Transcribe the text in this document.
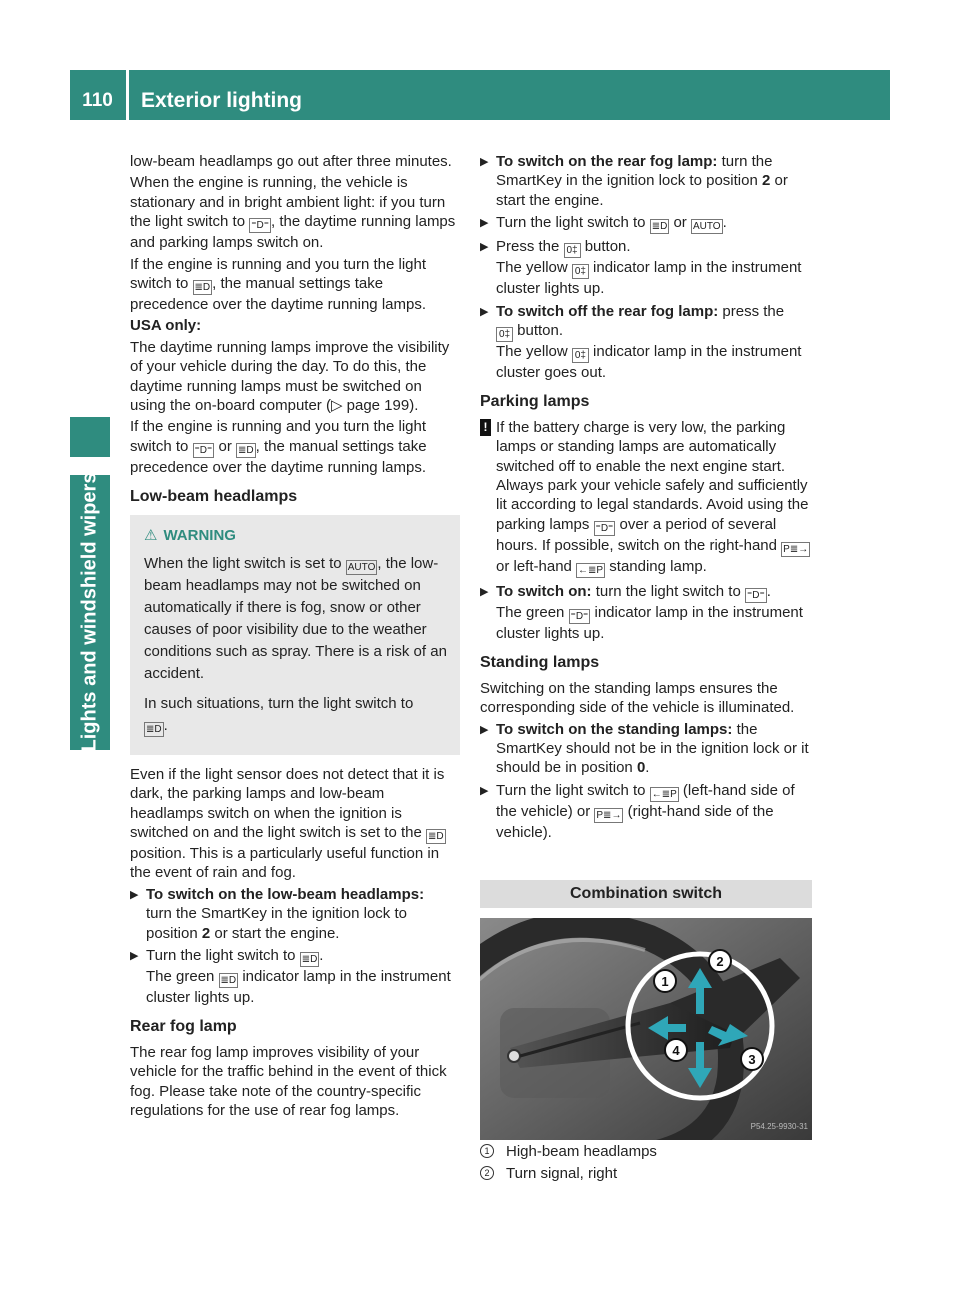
110	Exterior lighting
Lights and windshield wipers

low-beam headlamps go out after three minutes.

When the engine is running, the vehicle is stationary and in bright ambient light: if you turn the light switch to ⁼D⁼ , the daytime running lamps and parking lamps switch on.

If the engine is running and you turn the light switch to ≣D , the manual settings take precedence over the daytime running lamps.

USA only:

The daytime running lamps improve the visibility of your vehicle during the day. To do this, the daytime running lamps must be switched on using the on-board computer (▷ page 199).

If the engine is running and you turn the light switch to ⁼D⁼ or ≣D , the manual settings take precedence over the daytime running lamps.

Low-beam headlamps
⚠ WARNING

When the light switch is set to AUTO , the low-beam headlamps may not be switched on automatically if there is fog, snow or other causes of poor visibility due to the weather conditions such as spray. There is a risk of an accident.

In such situations, turn the light switch to
≣D .

Even if the light sensor does not detect that it is dark, the parking lamps and low-beam headlamps switch on when the ignition is switched on and the light switch is set to the ≣D position. This is a particularly useful function in the event of rain and fog.

▶ To switch on the low-beam headlamps:
turn the SmartKey in the ignition lock to position 2 or start the engine.
▶ Turn the light switch to ≣D .
The green ≣D indicator lamp in the instrument cluster lights up.
Rear fog lamp

The rear fog lamp improves visibility of your vehicle for the traffic behind in the event of thick fog. Please take note of the country-specific regulations for the use of rear fog lamps.

▶ To switch on the rear fog lamp: turn the SmartKey in the ignition lock to position 2 or start the engine.
▶ Turn the light switch to ≣D or AUTO .
▶ Press the 0‡ button.
The yellow 0‡ indicator lamp in the instrument cluster lights up.
▶ To switch off the rear fog lamp: press the
0‡ button.
The yellow 0‡ indicator lamp in the instrument cluster goes out.
Parking lamps
! If the battery charge is very low, the parking lamps or standing lamps are automatically switched off to enable the next engine start. Always park your vehicle safely and sufficiently lit according to legal standards. Avoid using the parking lamps ⁼D⁼ over a period of several hours. If possible, switch on the right-hand P≣→ or left-hand ←≣P standing lamp.
▶ To switch on: turn the light switch to ⁼D⁼ .
The green ⁼D⁼ indicator lamp in the instrument cluster lights up.
Standing lamps

Switching on the standing lamps ensures the corresponding side of the vehicle is illuminated.

▶ To switch on the standing lamps: the SmartKey should not be in the ignition lock or it should be in position 0.
▶ Turn the light switch to ←≣P (left-hand side of the vehicle) or P≣→ (right-hand side of the vehicle).
Combination switch
1
2
3
4
P54.25-9930-31
1	High-beam headlamps
2	Turn signal, right
